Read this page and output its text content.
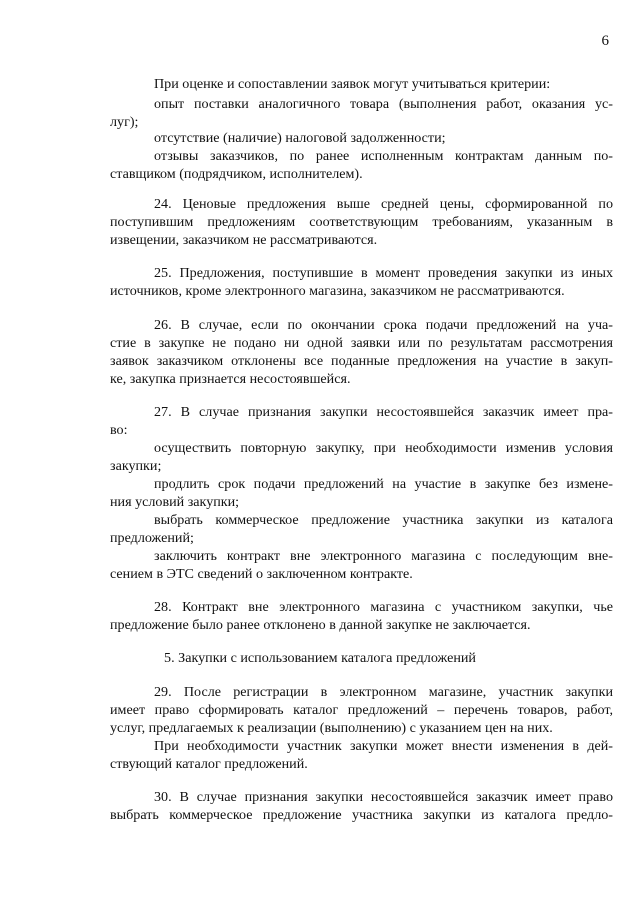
6
При оценке и сопоставлении заявок могут учитываться критерии:
опыт поставки аналогичного товара (выполнения работ, оказания ус-
луг);
отсутствие (наличие) налоговой задолженности;
отзывы заказчиков, по ранее исполненным контрактам данным по-
ставщиком (подрядчиком, исполнителем).
24. Ценовые предложения выше средней цены, сформированной по
поступившим предложениям соответствующим требованиям, указанным в
извещении, заказчиком не рассматриваются.
25. Предложения, поступившие в момент проведения закупки из иных
источников, кроме электронного магазина, заказчиком не рассматриваются.
26. В случае, если по окончании срока подачи предложений на уча-
стие в закупке не подано ни одной заявки или по результатам рассмотрения
заявок заказчиком отклонены все поданные предложения на участие в закуп-
ке, закупка признается несостоявшейся.
27. В случае признания закупки несостоявшейся заказчик имеет пра-
во:
осуществить повторную закупку, при необходимости изменив условия
закупки;
продлить срок подачи предложений на участие в закупке без измене-
ния условий закупки;
выбрать коммерческое предложение участника закупки из каталога
предложений;
заключить контракт вне электронного магазина с последующим вне-
сением в ЭТС сведений о заключенном контракте.
28. Контракт вне электронного магазина с участником закупки, чье
предложение было ранее отклонено в данной закупке не заключается.
5. Закупки с использованием каталога предложений
29. После регистрации в электронном магазине, участник закупки
имеет право сформировать каталог предложений – перечень товаров, работ,
услуг, предлагаемых к реализации (выполнению) с указанием цен на них.
При необходимости участник закупки может внести изменения в дей-
ствующий каталог предложений.
30. В случае признания закупки несостоявшейся заказчик имеет право
выбрать коммерческое предложение участника закупки из каталога предло-
